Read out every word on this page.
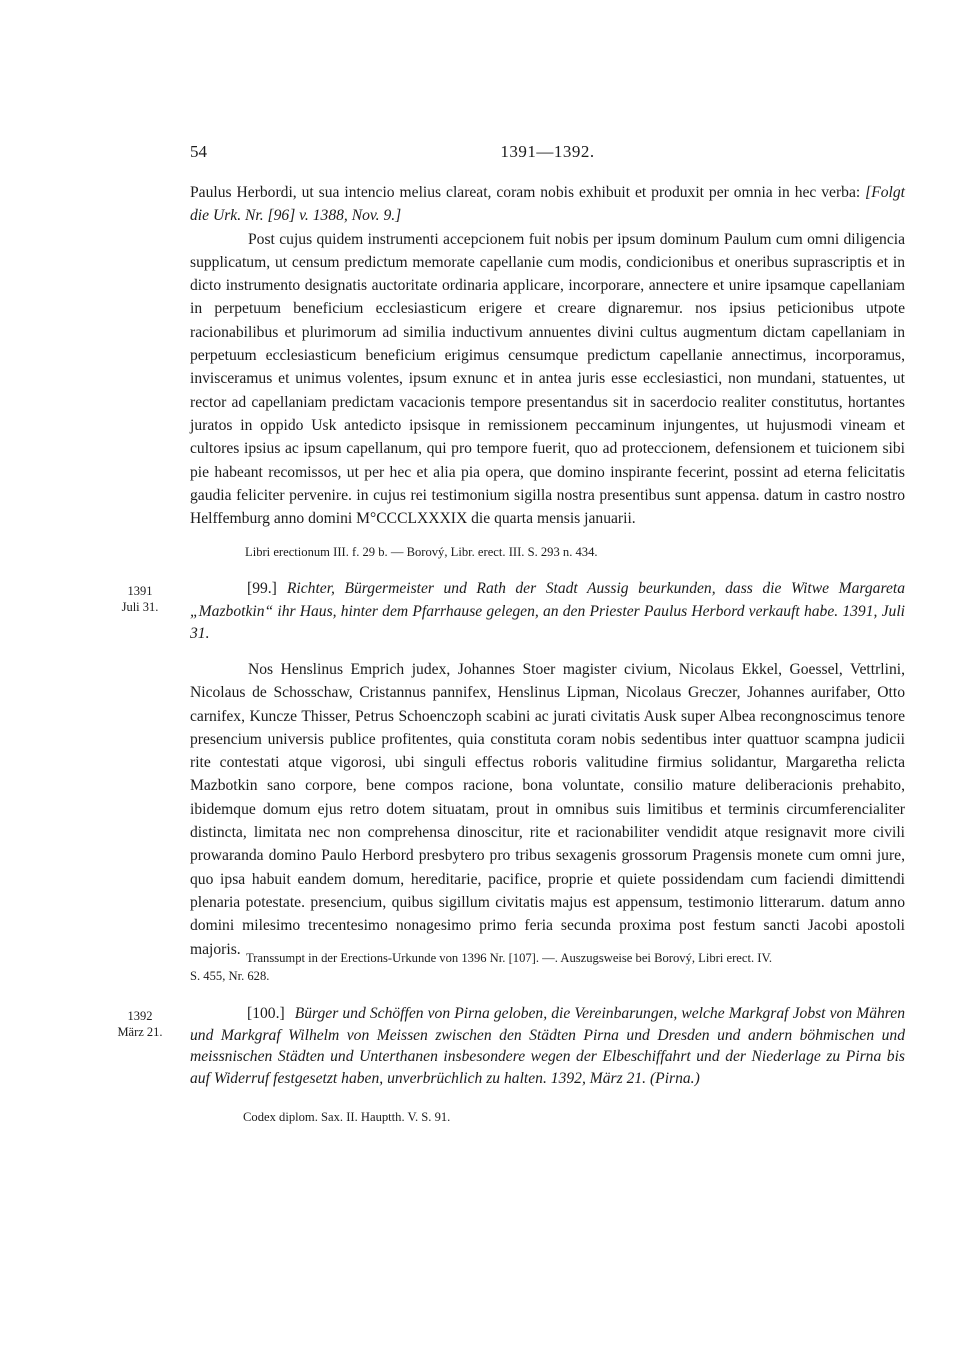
54	1391—1392.

Paulus Herbordi, ut sua intencio melius clareat, coram nobis exhibuit et produxit per omnia in hec verba: [Folgt die Urk. Nr. [96] v. 1388, Nov. 9.]

Post cujus quidem instrumenti accepcionem fuit nobis per ipsum dominum Paulum cum omni diligencia supplicatum, ut censum predictum memorate capellanie cum modis, condicionibus et oneribus suprascriptis et in dicto instrumento designatis auctoritate ordinaria applicare, incorporare, annectere et unire ipsamque capellaniam in perpetuum beneficium ecclesiasticum erigere et creare dignaremur. nos ipsius peticionibus utpote racionabilibus et plurimorum ad similia inductivum annuentes divini cultus augmentum dictam capellaniam in perpetuum ecclesiasticum beneficium erigimus censumque predictum capellanie annectimus, incorporamus, invisceramus et unimus volentes, ipsum exnunc et in antea juris esse ecclesiastici, non mundani, statuentes, ut rector ad capellaniam predictam vacacionis tempore presentandus sit in sacerdocio realiter constitutus, hortantes juratos in oppido Usk antedicto ipsisque in remissionem peccaminum injungentes, ut hujusmodi vineam et cultores ipsius ac ipsum capellanum, qui pro tempore fuerit, quo ad proteccionem, defensionem et tuicionem sibi pie habeant recomissos, ut per hec et alia pia opera, que domino inspirante fecerint, possint ad eterna felicitatis gaudia feliciter pervenire. in cujus rei testimonium sigilla nostra presentibus sunt appensa. datum in castro nostro Helffemburg anno domini M°CCCLXXXIX die quarta mensis januarii.

Libri erectionum III. f. 29 b. — Borový, Libr. erect. III. S. 293 n. 434.
1391
Juli 31.
[99.] Richter, Bürgermeister und Rath der Stadt Aussig beurkunden, dass die Witwe Margareta „Mazbotkin“ ihr Haus, hinter dem Pfarrhause gelegen, an den Priester Paulus Herbord verkauft habe. 1391, Juli 31.

Nos Henslinus Emprich judex, Johannes Stoer magister civium, Nicolaus Ekkel, Goessel, Vettrlini, Nicolaus de Schosschaw, Cristannus pannifex, Henslinus Lipman, Nicolaus Greczer, Johannes aurifaber, Otto carnifex, Kuncze Thisser, Petrus Schoenczoph scabini ac jurati civitatis Ausk super Albea recongnoscimus tenore presencium universis publice profitentes, quia constituta coram nobis sedentibus inter quattuor scampna judicii rite contestati atque vigorosi, ubi singuli effectus roboris valitudine firmius solidantur, Margaretha relicta Mazbotkin sano corpore, bene compos racione, bona voluntate, consilio mature deliberacionis prehabito, ibidemque domum ejus retro dotem situatam, prout in omnibus suis limitibus et terminis circumferencialiter distincta, limitata nec non comprehensa dinoscitur, rite et racionabiliter vendidit atque resignavit more civili prowaranda domino Paulo Herbord presbytero pro tribus sexagenis grossorum Pragensis monete cum omni jure, quo ipsa habuit eandem domum, hereditarie, pacifice, proprie et quiete possidendam cum faciendi dimittendi plenaria potestate. presencium, quibus sigillum civitatis majus est appensum, testimonio litterarum. datum anno domini milesimo trecentesimo nonagesimo primo feria secunda proxima post festum sancti Jacobi apostoli majoris.

Transsumpt in der Erections-Urkunde von 1396 Nr. [107]. —. Auszugsweise bei Borový, Libri erect. IV.
S. 455, Nr. 628.
1392
März 21.
[100.] Bürger und Schöffen von Pirna geloben, die Vereinbarungen, welche Markgraf Jobst von Mähren und Markgraf Wilhelm von Meissen zwischen den Städten Pirna und Dresden und andern böhmischen und meissnischen Städten und Unterthanen insbesondere wegen der Elbeschiffahrt und der Niederlage zu Pirna bis auf Widerruf festgesetzt haben, unverbrüchlich zu halten. 1392, März 21. (Pirna.)
Codex diplom. Sax. II. Hauptth. V. S. 91.
